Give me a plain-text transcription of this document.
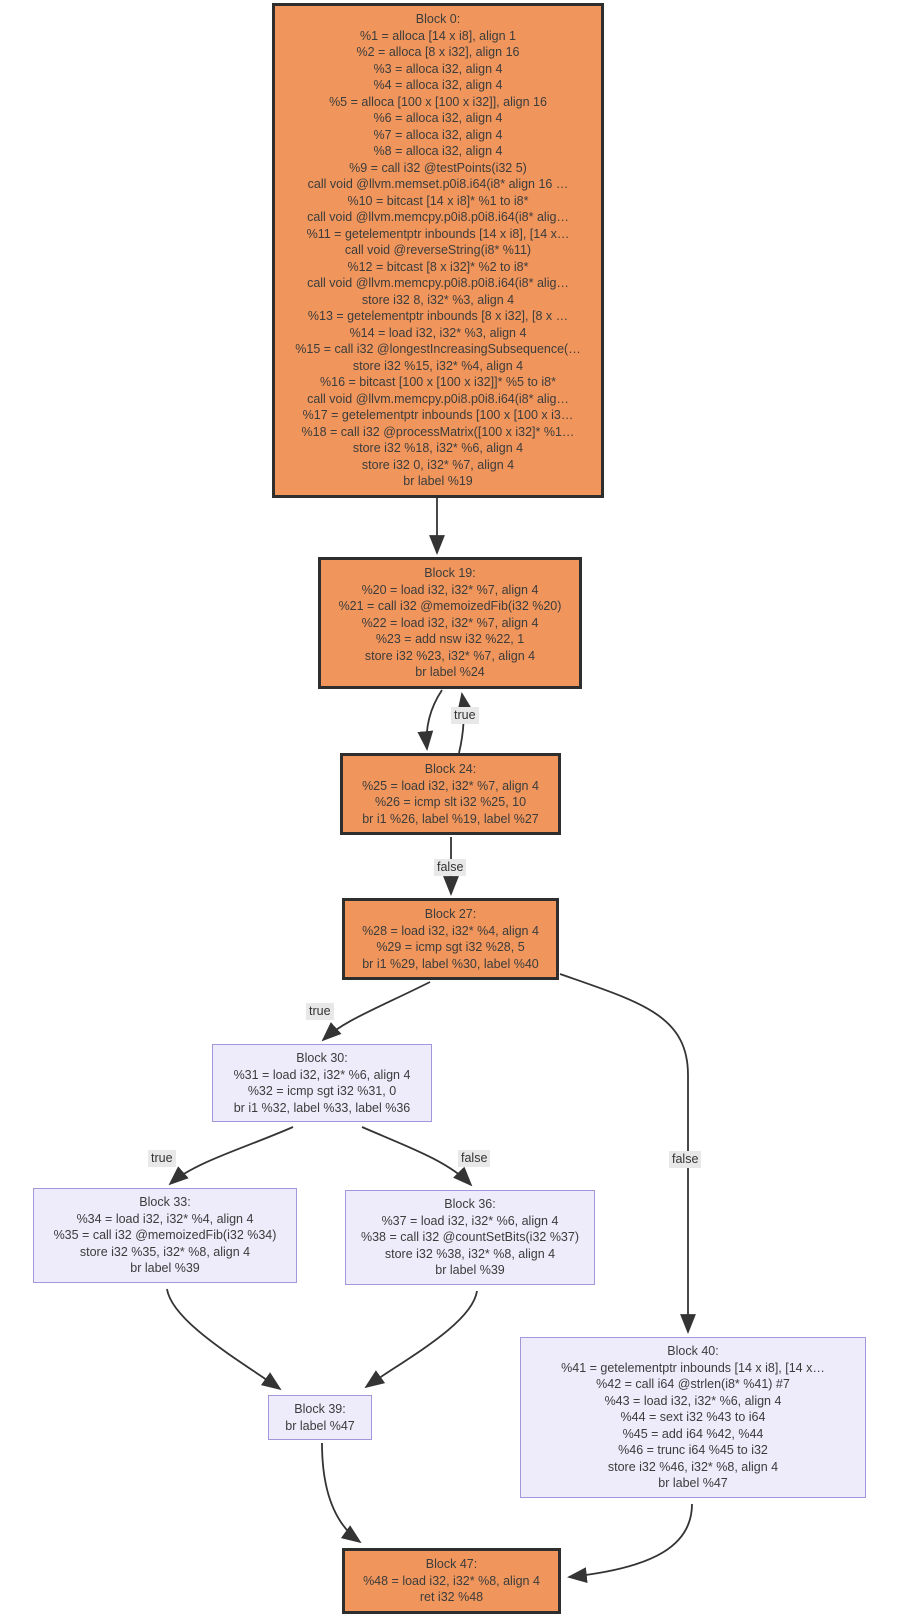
Block 0:
%1 = alloca [14 x i8], align 1
%2 = alloca [8 x i32], align 16
%3 = alloca i32, align 4
%4 = alloca i32, align 4
%5 = alloca [100 x [100 x i32]], align 16
%6 = alloca i32, align 4
%7 = alloca i32, align 4
%8 = alloca i32, align 4
%9 = call i32 @testPoints(i32 5)
call void @llvm.memset.p0i8.i64(i8* align 16 …
%10 = bitcast [14 x i8]* %1 to i8*
call void @llvm.memcpy.p0i8.p0i8.i64(i8* alig…
%11 = getelementptr inbounds [14 x i8], [14 x…
call void @reverseString(i8* %11)
%12 = bitcast [8 x i32]* %2 to i8*
call void @llvm.memcpy.p0i8.p0i8.i64(i8* alig…
store i32 8, i32* %3, align 4
%13 = getelementptr inbounds [8 x i32], [8 x …
%14 = load i32, i32* %3, align 4
%15 = call i32 @longestIncreasingSubsequence(…
store i32 %15, i32* %4, align 4
%16 = bitcast [100 x [100 x i32]]* %5 to i8*
call void @llvm.memcpy.p0i8.p0i8.i64(i8* alig…
%17 = getelementptr inbounds [100 x [100 x i3…
%18 = call i32 @processMatrix([100 x i32]* %1…
store i32 %18, i32* %6, align 4
store i32 0, i32* %7, align 4
br label %19
Block 19:
%20 = load i32, i32* %7, align 4
%21 = call i32 @memoizedFib(i32 %20)
%22 = load i32, i32* %7, align 4
%23 = add nsw i32 %22, 1
store i32 %23, i32* %7, align 4
br label %24
Block 24:
%25 = load i32, i32* %7, align 4
%26 = icmp slt i32 %25, 10
br i1 %26, label %19, label %27
Block 27:
%28 = load i32, i32* %4, align 4
%29 = icmp sgt i32 %28, 5
br i1 %29, label %30, label %40
Block 30:
%31 = load i32, i32* %6, align 4
%32 = icmp sgt i32 %31, 0
br i1 %32, label %33, label %36
Block 33:
%34 = load i32, i32* %4, align 4
%35 = call i32 @memoizedFib(i32 %34)
store i32 %35, i32* %8, align 4
br label %39
Block 36:
%37 = load i32, i32* %6, align 4
%38 = call i32 @countSetBits(i32 %37)
store i32 %38, i32* %8, align 4
br label %39
Block 39:
br label %47
Block 40:
%41 = getelementptr inbounds [14 x i8], [14 x…
%42 = call i64 @strlen(i8* %41) #7
%43 = load i32, i32* %6, align 4
%44 = sext i32 %43 to i64
%45 = add i64 %42, %44
%46 = trunc i64 %45 to i32
store i32 %46, i32* %8, align 4
br label %47
Block 47:
%48 = load i32, i32* %8, align 4
ret i32 %48
true
false
true
false
true	false
